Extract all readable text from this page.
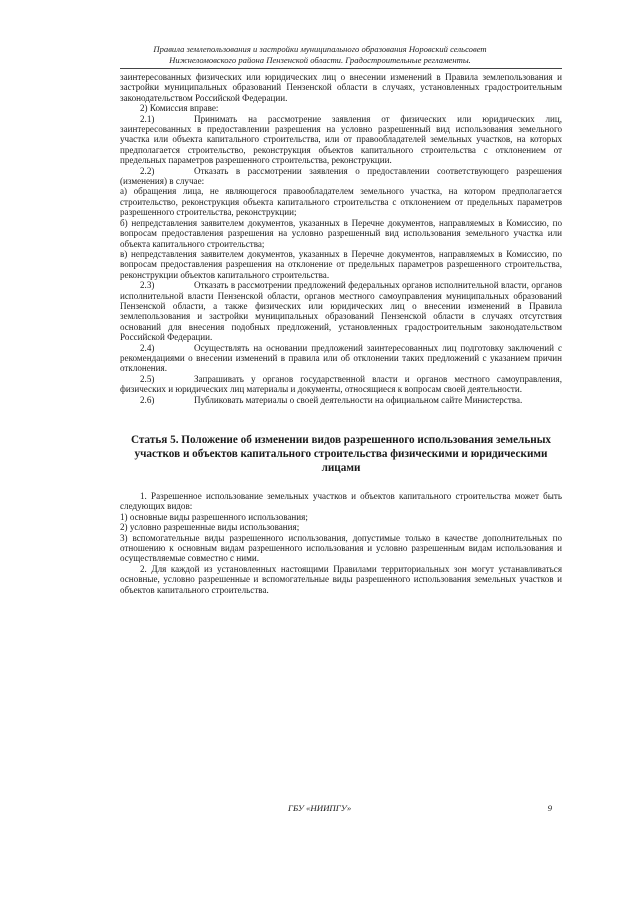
Правила землепользования и застройки муниципального образования Норовский сельсовет
Нижнеломовского района Пензенской области. Градостроительные регламенты.

заинтересованных физических или юридических лиц о внесении изменений в Правила землепользования и застройки муниципальных образований Пензенской области в случаях, установленных градостроительным законодательством Российской Федерации.

2) Комиссия вправе:

2.1)	Принимать на рассмотрение заявления от физических или юридических лиц, заинтересованных в предоставлении разрешения на условно разрешенный вид использования земельного участка или объекта капитального строительства, или от правообладателей земельных участков, на которых предполагается строительство, реконструкция объектов капитального строительства с отклонением от предельных параметров разрешенного строительства, реконструкции.

2.2)	Отказать в рассмотрении заявления о предоставлении соответствующего разрешения (изменения) в случае:

а) обращения лица, не являющегося правообладателем земельного участка, на котором предполагается строительство, реконструкция объекта капитального строительства с отклонением от предельных параметров разрешенного строительства, реконструкции;

б) непредставления заявителем документов, указанных в Перечне документов, направляемых в Комиссию, по вопросам предоставления разрешения на условно разрешенный вид использования земельного участка или объекта капитального строительства;

в) непредставления заявителем документов, указанных в Перечне документов, направляемых в Комиссию, по вопросам предоставления разрешения на отклонение от предельных параметров разрешенного строительства, реконструкции объектов капитального строительства.

2.3)	Отказать в рассмотрении предложений федеральных органов исполнительной власти, органов исполнительной власти Пензенской области, органов местного самоуправления муниципальных образований Пензенской области, а также физических или юридических лиц о внесении изменений в Правила землепользования и застройки муниципальных образований Пензенской области в случаях отсутствия оснований для внесения подобных предложений, установленных градостроительным законодательством Российской Федерации.

2.4)	Осуществлять на основании предложений заинтересованных лиц подготовку заключений с рекомендациями о внесении изменений в правила или об отклонении таких предложений с указанием причин отклонения.

2.5)	Запрашивать у органов государственной власти и органов местного самоуправления, физических и юридических лиц материалы и документы, относящиеся к вопросам своей деятельности.

2.6)	Публиковать материалы о своей деятельности на официальном сайте Министерства.

Статья 5. Положение об изменении видов разрешенного использования земельных участков и объектов капитального строительства физическими и юридическими лицами

1. Разрешенное использование земельных участков и объектов капитального строительства может быть следующих видов:

1) основные виды разрешенного использования;

2) условно разрешенные виды использования;

3) вспомогательные виды разрешенного использования, допустимые только в качестве дополнительных по отношению к основным видам разрешенного использования и условно разрешенным видам использования и осуществляемые совместно с ними.

2. Для каждой из установленных настоящими Правилами территориальных зон могут устанавливаться основные, условно разрешенные и вспомогательные виды разрешенного использования земельных участков и объектов капитального строительства.

ГБУ «НИИПГУ»	9
